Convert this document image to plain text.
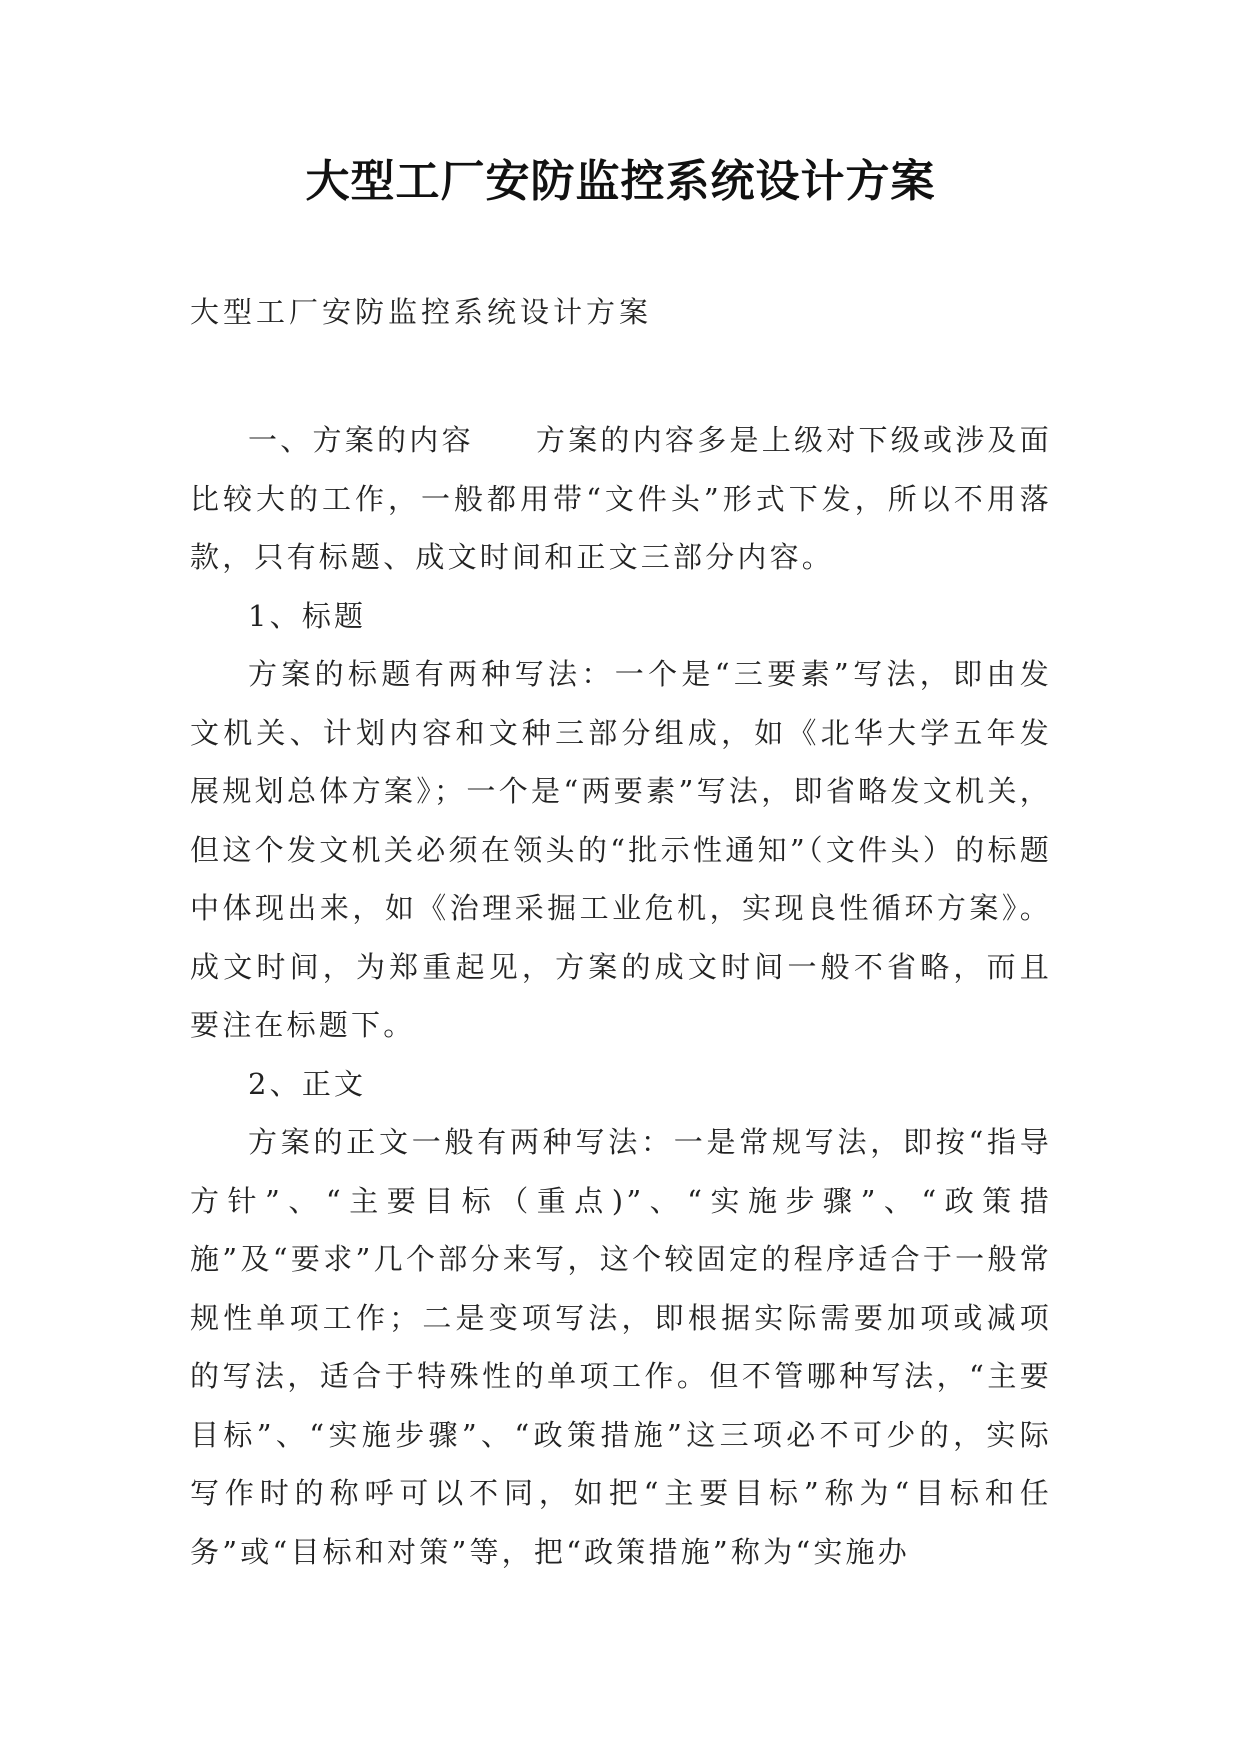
大型工厂安防监控系统设计方案
大型工厂安防监控系统设计方案

一、方案的内容 方案的内容多是上级对下级或涉及面比较大的工作，一般都用带“文件头”形式下发，所以不用落款，只有标题、成文时间和正文三部分内容。

1、标题

方案的标题有两种写法：一个是“三要素”写法，即由发文机关、计划内容和文种三部分组成，如《北华大学五年发展规划总体方案》；一个是“两要素”写法，即省略发文机关，但这个发文机关必须在领头的“批示性通知”（文件头）的标题中体现出来，如《治理采掘工业危机，实现良性循环方案》。成文时间，为郑重起见，方案的成文时间一般不省略，而且要注在标题下。

2、正文

方案的正文一般有两种写法：一是常规写法，即按“指导方针”、“主要目标（重点)”、“实施步骤”、“政策措施”及“要求”几个部分来写，这个较固定的程序适合于一般常规性单项工作；二是变项写法，即根据实际需要加项或减项的写法，适合于特殊性的单项工作。但不管哪种写法，“主要目标”、“实施步骤”、“政策措施”这三项必不可少的，实际写作时的称呼可以不同，如把“主要目标”称为“目标和任务”或“目标和对策”等，把“政策措施”称为“实施办
